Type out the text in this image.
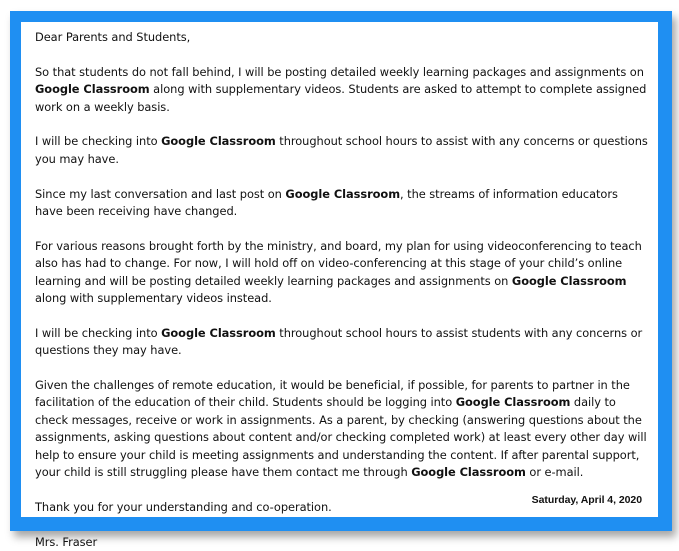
Dear Parents and Students,

So that students do not fall behind, I will be posting detailed weekly learning packages and assignments on Google Classroom along with supplementary videos. Students are asked to attempt to complete assigned work on a weekly basis.

I will be checking into Google Classroom throughout school hours to assist with any concerns or questions you may have.

Since my last conversation and last post on Google Classroom, the streams of information educators have been receiving have changed.

For various reasons brought forth by the ministry, and board, my plan for using videoconferencing to teach also has had to change. For now, I will hold off on video-conferencing at this stage of your child’s online learning and will be posting detailed weekly learning packages and assignments on Google Classroom along with supplementary videos instead.

I will be checking into Google Classroom throughout school hours to assist students with any concerns or questions they may have.

Given the challenges of remote education, it would be beneficial, if possible, for parents to partner in the facilitation of the education of their child. Students should be logging into Google Classroom daily to check messages, receive or work in assignments. As a parent, by checking (answering questions about the assignments, asking questions about content and/or checking completed work) at least every other day will help to ensure your child is meeting assignments and understanding the content. If after parental support, your child is still struggling please have them contact me through Google Classroom or e-mail.

Thank you for your understanding and co-operation.

Mrs. Fraser

Saturday, April 4, 2020
